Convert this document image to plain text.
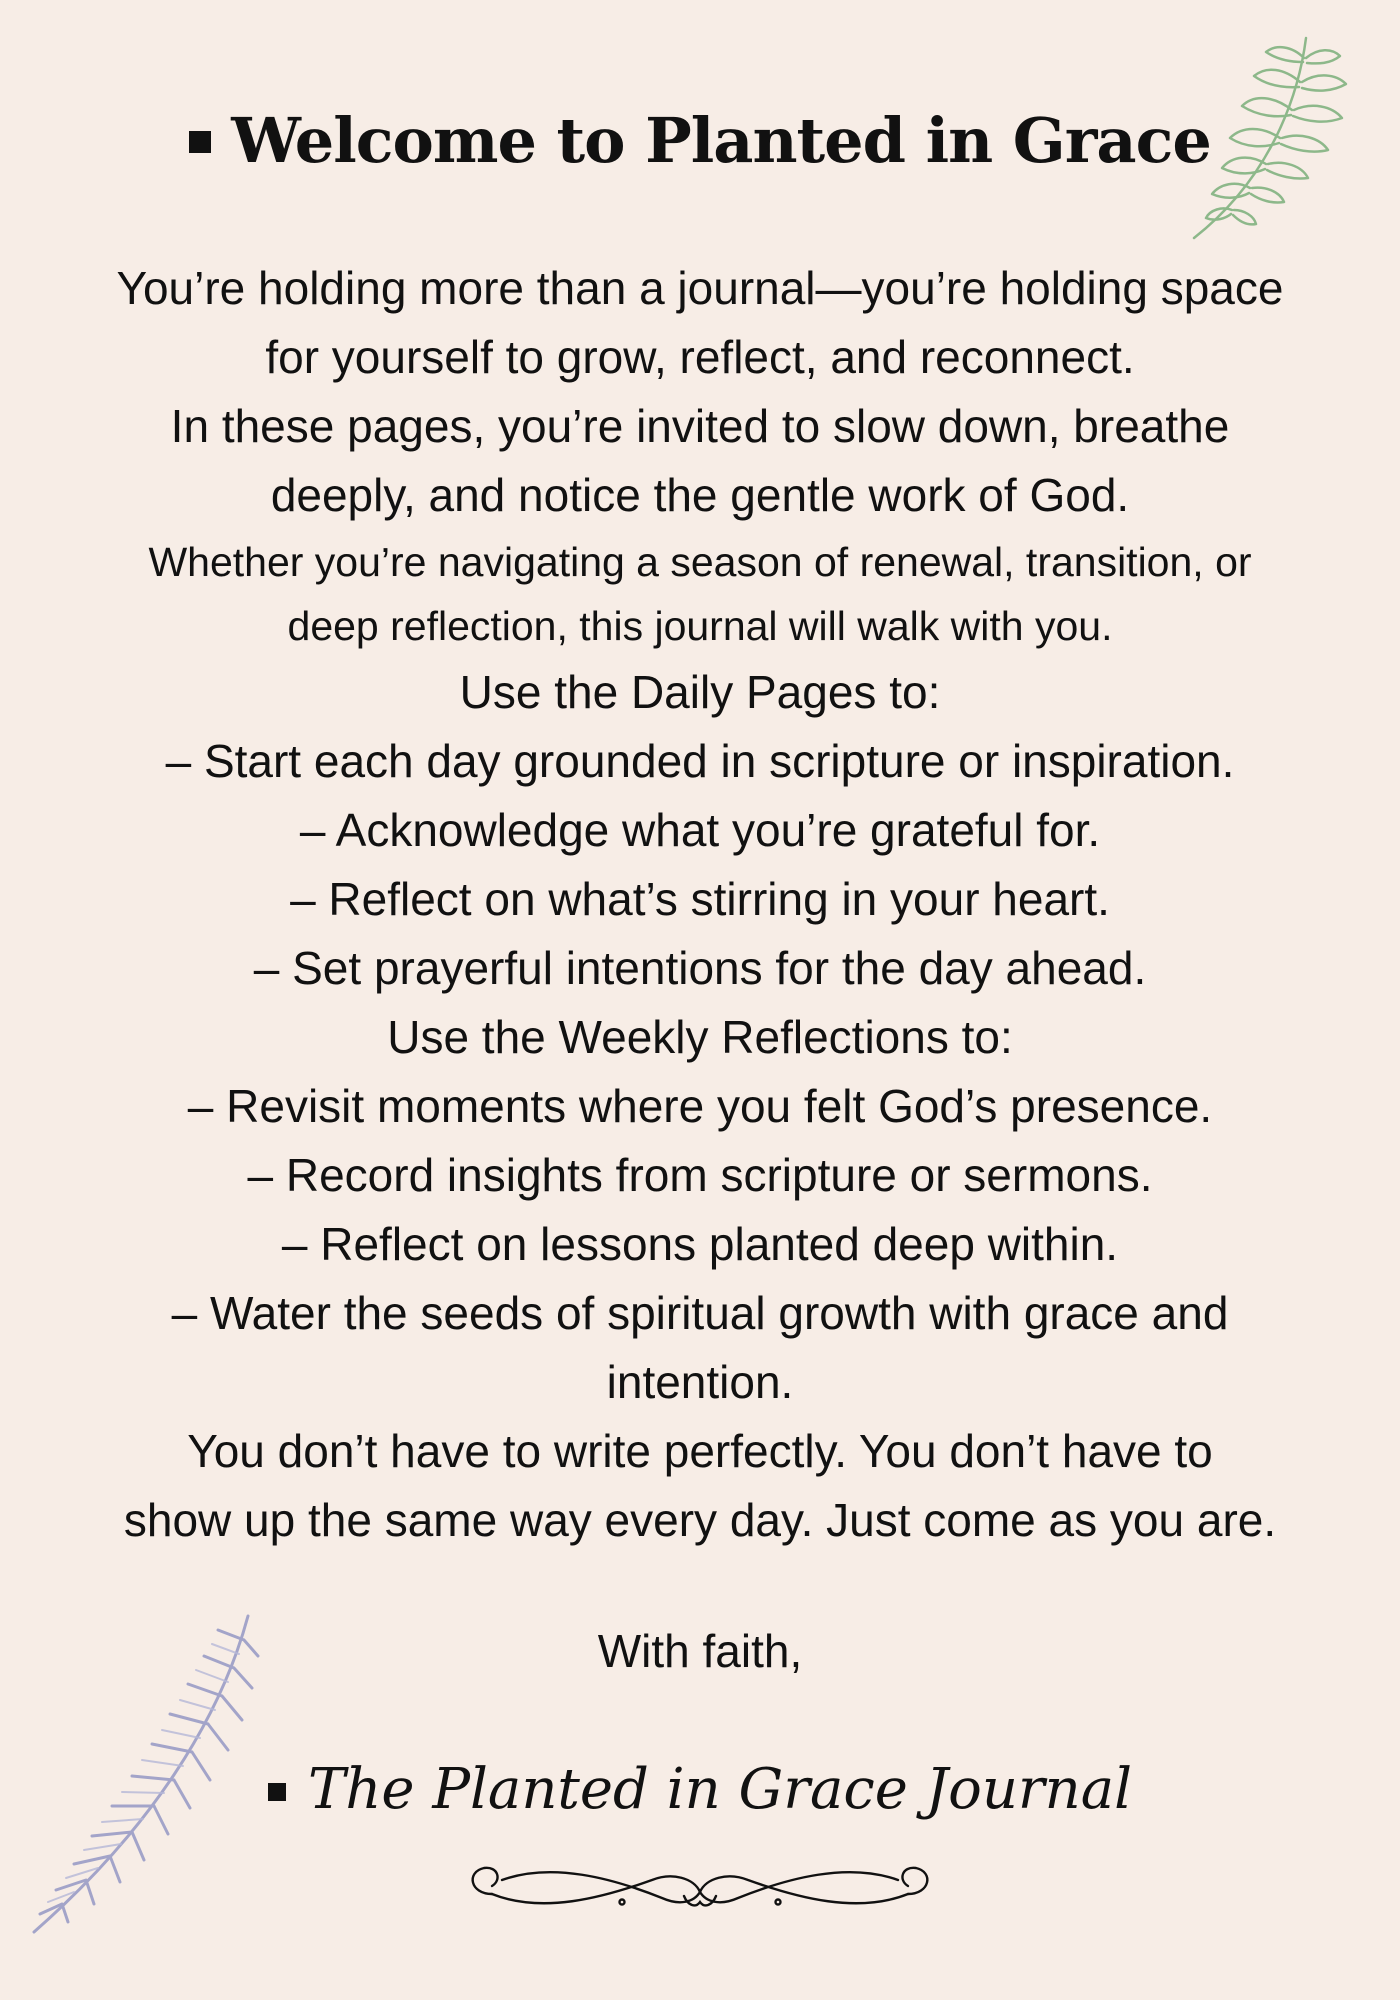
Welcome to Planted in Grace
You’re holding more than a journal—you’re holding space
for yourself to grow, reflect, and reconnect.
In these pages, you’re invited to slow down, breathe
deeply, and notice the gentle work of God.
Whether you’re navigating a season of renewal, transition, or
deep reflection, this journal will walk with you.
Use the Daily Pages to:
– Start each day grounded in scripture or inspiration.
– Acknowledge what you’re grateful for.
– Reflect on what’s stirring in your heart.
– Set prayerful intentions for the day ahead.
Use the Weekly Reflections to:
– Revisit moments where you felt God’s presence.
– Record insights from scripture or sermons.
– Reflect on lessons planted deep within.
– Water the seeds of spiritual growth with grace and intention.
You don’t have to write perfectly. You don’t have to
show up the same way every day. Just come as you are.
With faith,
The Planted in Grace Journal
